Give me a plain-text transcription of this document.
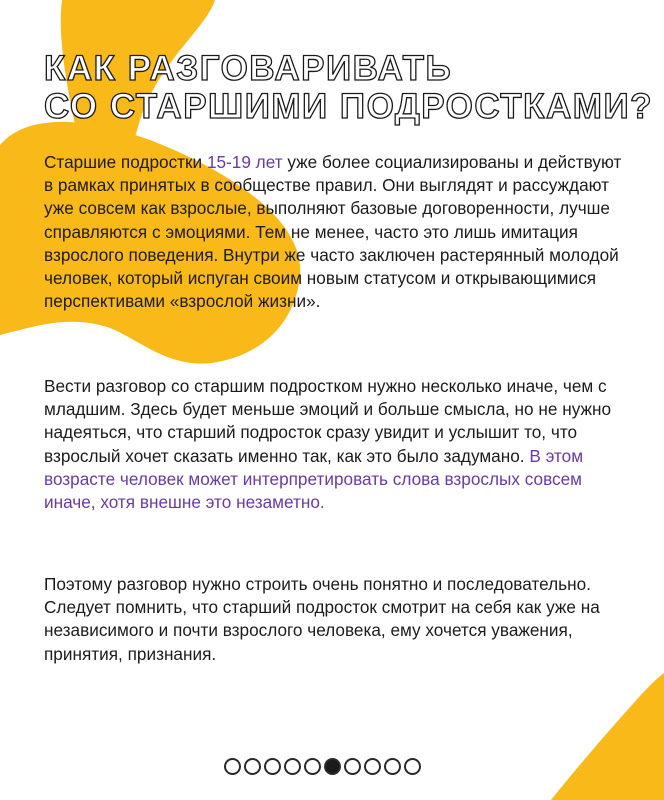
КАК РАЗГОВАРИВАТЬ
СО СТАРШИМИ ПОДРОСТКАМИ?

Старшие подростки 15-19 лет уже более социализированы и действуют в рамках принятых в сообществе правил. Они выглядят и рассуждают уже совсем как взрослые, выполняют базовые договоренности, лучше справляются с эмоциями. Тем не менее, часто это лишь имитация взрослого поведения. Внутри же часто заключен растерянный молодой человек, который испуган своим новым статусом и открывающимися перспективами «взрослой жизни».

Вести разговор со старшим подростком нужно несколько иначе, чем с младшим. Здесь будет меньше эмоций и больше смысла, но не нужно надеяться, что старший подросток сразу увидит и услышит то, что взрослый хочет сказать именно так, как это было задумано. В этом возрасте человек может интерпретировать слова взрослых совсем иначе, хотя внешне это незаметно.

Поэтому разговор нужно строить очень понятно и последовательно. Следует помнить, что старший подросток смотрит на себя как уже на независимого и почти взрослого человека, ему хочется уважения, принятия, признания.
